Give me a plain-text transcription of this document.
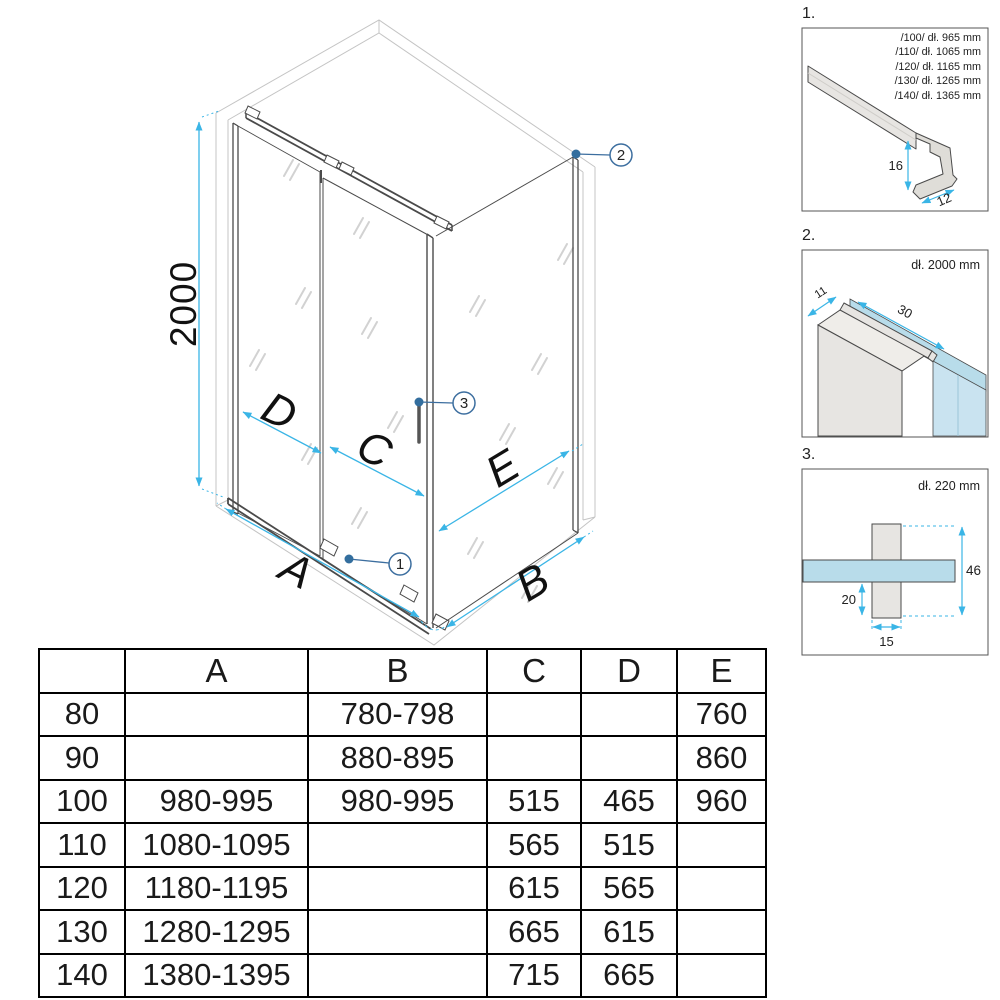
2000
D
C	E
A	B
1
2
3
1.
/100/ dł. 965 mm
/110/ dł. 1065 mm
/120/ dł. 1165 mm
/130/ dł. 1265 mm
/140/ dł. 1365 mm
16
12
2.
dł. 2000 mm
11
30
3.
dł. 220 mm
46
20
15
	A	B	C	D	E
80		780-798			760
90		880-895			860
100	980-995	980-995	515	465	960
110	1080-1095		565	515	
120	1180-1195		615	565	
130	1280-1295		665	615	
140	1380-1395		715	665	
